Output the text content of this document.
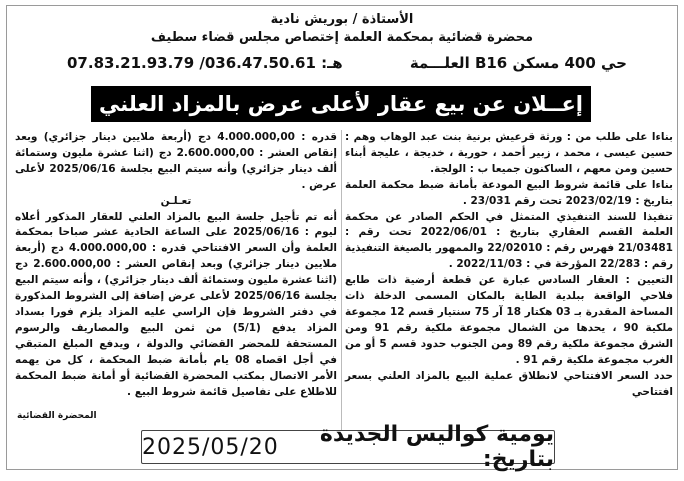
الأستاذة / بوريش نادية
محضرة قضائية بمحكمة العلمة إختصاص مجلس قضاء سطيف
حي 400 مسكن B16 العلـــمة
هـ: 036.47.50.61/ 07.83.21.93.79
إعــلان عن بيع عقار لأعلى عرض بالمزاد العلني

بناءا على طلب من : ورثة قرعيش برنية بنت عبد الوهاب وهم : حسين عيسى ، محمد ، زبير أحمد ، حورية ، خديجة ، عليجة أبناء حسين ومن معهم ، الساكنون جميعا ب : الولجة.

بناءا على قائمة شروط البيع المودعة بأمانة ضبط محكمة العلمة بتاريخ : 2023/02/19 تحت رقم 23/031 .

تنفيذا للسند التنفيذي المتمثل في الحكم الصادر عن محكمة العلمة القسم العقاري بتاريخ : 2022/06/01 تحت رقم : 21/03481 فهرس رقم : 22/02010 والممهور بالصيغة التنفيذية رقم : 22/283 المؤرخة في : 2022/11/03 .

التعيين : العقار السادس عبارة عن قطعة أرضية ذات طابع فلاحي الواقعة ببلدية الطاية بالمكان المسمى الدخلة ذات المساحة المقدرة بـ 03 هكتار 18 آر 75 سنتيار قسم 12 مجموعة ملكية 90 ، يحدها من الشمال مجموعة ملكية رقم 91 ومن الشرق مجموعة ملكية رقم 89 ومن الجنوب حدود قسم 5 أو من الغرب مجموعة ملكية رقم 91 .

حدد السعر الافتتاحي لانطلاق عملية البيع بالمزاد العلني بسعر افتتاحي

قدره : 4.000.000,00 دج (أربعة ملايين دينار جزائري) وبعد إنقاص العشر : 2.600.000,00 دج (اثنا عشرة مليون وستمائة ألف دينار جزائري) وأنه سيتم البيع بجلسة 2025/06/16 لأعلى عرض .

تعـلـن

أنه تم تأجيل جلسة البيع بالمزاد العلني للعقار المذكور أعلاه ليوم : 2025/06/16 على الساعة الحادية عشر صباحا بمحكمة العلمة وأن السعر الافتتاحي قدره : 4.000.000,00 دج (أربعة ملايين دينار جزائري) وبعد إنقاص العشر : 2.600.000,00 دج (اثنا عشرة مليون وستمائة ألف دينار جزائري) ، وأنه سيتم البيع بجلسة 2025/06/16 لأعلى عرض إضافة إلى الشروط المذكورة في دفتر الشروط فإن الراسي عليه المزاد يلزم فورا بسداد المزاد يدفع (5/1) من ثمن البيع والمصاريف والرسوم المستحقة للمحضر القضائي والدولة ، ويدفع المبلغ المتبقي في أجل اقصاه 08 يام بأمانة ضبط المحكمة ، كل من يهمه الأمر الاتصال بمكتب المحضرة القضائية أو أمانة ضبط المحكمة للاطلاع على تفاصيل قائمة شروط البيع .

المحضرة القضائية
يومية كواليس الجديدة بتاريخ:
2025/05/20
